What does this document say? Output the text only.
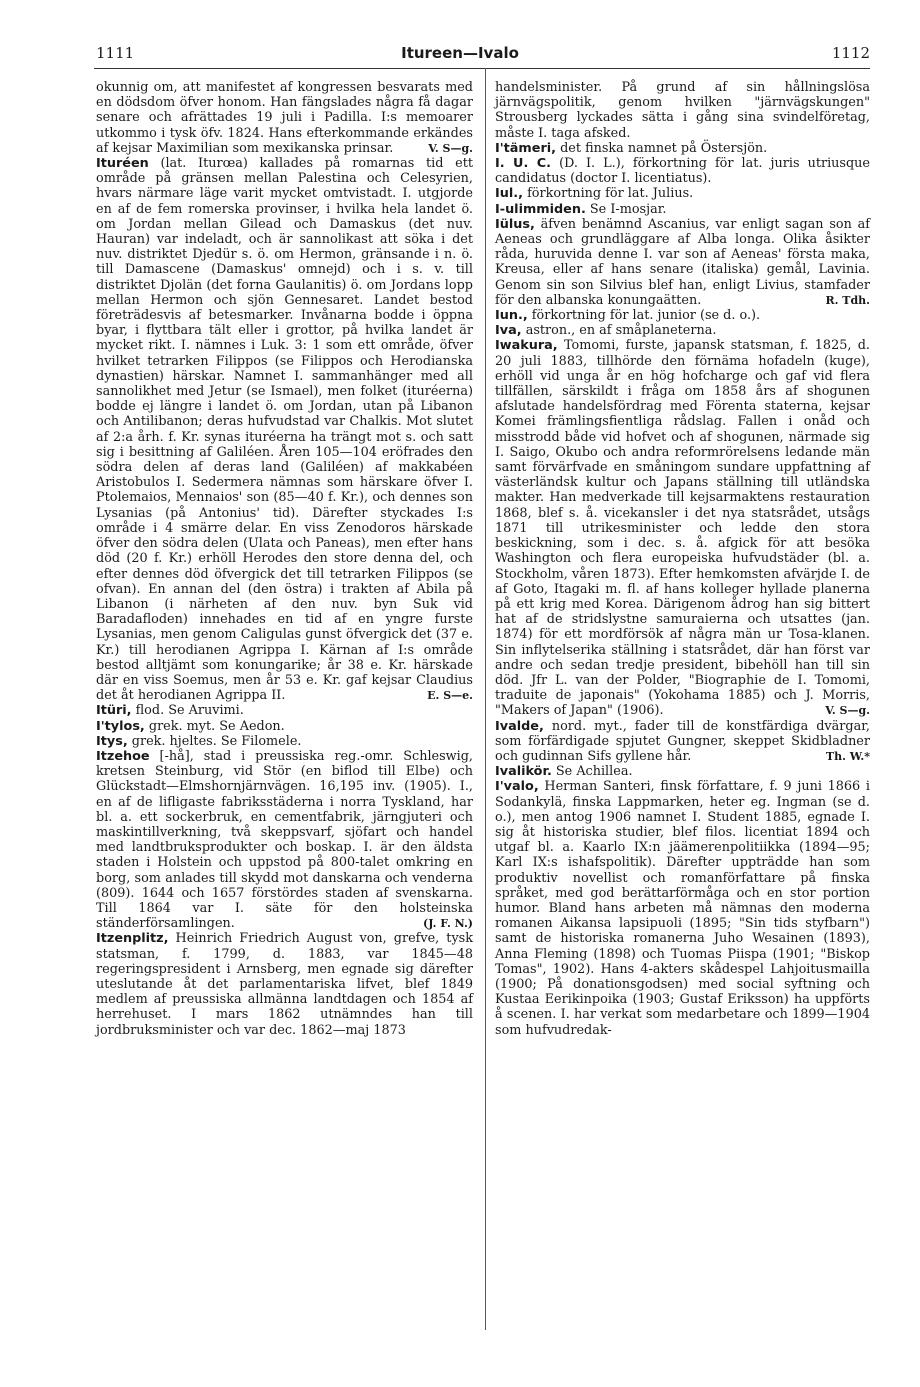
1111	Itureen—Ivalo	1112

okunnig om, att manifestet af kongressen besvarats med en dödsdom öfver honom. Han fängslades några få dagar senare och afrättades 19 juli i Padilla. I:s memoarer utkommo i tysk öfv. 1824. Hans efterkommande erkändes af kejsar Maximilian som mexikanska prinsar.	V. S—g.

Ituréen (lat. Iturœa) kallades på romarnas tid ett område på gränsen mellan Palestina och Celesyrien, hvars närmare läge varit mycket omtvistadt. I. utgjorde en af de fem romerska provinser, i hvilka hela landet ö. om Jordan mellan Gilead och Damaskus (det nuv. Hauran) var indeladt, och är sannolikast att söka i det nuv. distriktet Djedür s. ö. om Hermon, gränsande i n. ö. till Damascene (Damaskus' omnejd) och i s. v. till distriktet Djolän (det forna Gaulanitis) ö. om Jordans lopp mellan Hermon och sjön Gennesaret. Landet bestod företrädesvis af betesmarker. Invånarna bodde i öppna byar, i flyttbara tält eller i grottor, på hvilka landet är mycket rikt. I. nämnes i Luk. 3: 1 som ett område, öfver hvilket tetrarken Filippos (se Filippos och Herodianska dynastien) härskar. Namnet I. sammanhänger med all sannolikhet med Jetur (se Ismael), men folket (ituréerna) bodde ej längre i landet ö. om Jordan, utan på Libanon och Antilibanon; deras hufvudstad var Chalkis. Mot slutet af 2:a årh. f. Kr. synas ituréerna ha trängt mot s. och satt sig i besittning af Galiléen. Åren 105—104 eröfrades den södra delen af deras land (Galiléen) af makkabéen Aristobulos I. Sedermera nämnas som härskare öfver I. Ptolemaios, Mennaios' son (85—40 f. Kr.), och dennes son Lysanias (på Antonius' tid). Därefter styckades I:s område i 4 smärre delar. En viss Zenodoros härskade öfver den södra delen (Ulata och Paneas), men efter hans död (20 f. Kr.) erhöll Herodes den store denna del, och efter dennes död öfvergick det till tetrarken Filippos (se ofvan). En annan del (den östra) i trakten af Abila på Libanon (i närheten af den nuv. byn Suk vid Baradafloden) innehades en tid af en yngre furste Lysanias, men genom Caligulas gunst öfvergick det (37 e. Kr.) till herodianen Agrippa I. Kärnan af I:s område bestod alltjämt som konungarike; år 38 e. Kr. härskade där en viss Soemus, men år 53 e. Kr. gaf kejsar Claudius det åt herodianen Agrippa II.	E. S—e.

Itüri, flod. Se Aruvimi.

I'tylos, grek. myt. Se Aedon.

Itys, grek. hjeltes. Se Filomele.

Itzehoe [-hå], stad i preussiska reg.-omr. Schleswig, kretsen Steinburg, vid Stör (en biflod till Elbe) och Glückstadt—Elmshornjärnvägen. 16,195 inv. (1905). I., en af de lifligaste fabriksstäderna i norra Tyskland, har bl. a. ett sockerbruk, en cementfabrik, järngjuteri och maskintillverkning, två skeppsvarf, sjöfart och handel med landtbruksprodukter och boskap. I. är den äldsta staden i Holstein och uppstod på 800-talet omkring en borg, som anlades till skydd mot danskarna och venderna (809). 1644 och 1657 förstördes staden af svenskarna. Till 1864 var I. säte för den holsteinska ständerförsamlingen.	(J. F. N.)

Itzenplitz, Heinrich Friedrich August von, grefve, tysk statsman, f. 1799, d. 1883, var 1845—48 regeringspresident i Arnsberg, men egnade sig därefter uteslutande åt det parlamentariska lifvet, blef 1849 medlem af preussiska allmänna landtdagen och 1854 af herrehuset. I mars 1862 utnämndes han till jordbruksminister och var dec. 1862—maj 1873

handelsminister. På grund af sin hållningslösa järnvägspolitik, genom hvilken "järnvägskungen" Strousberg lyckades sätta i gång sina svindelföretag, måste I. taga afsked.

I'tämeri, det finska namnet på Östersjön.

I. U. C. (D. I. L.), förkortning för lat. juris utriusque candidatus (doctor I. licentiatus).

Iul., förkortning för lat. Julius.

I-ulimmiden. Se I-mosjar.

Iülus, äfven benämnd Ascanius, var enligt sagan son af Aeneas och grundläggare af Alba longa. Olika åsikter råda, huruvida denne I. var son af Aeneas' första maka, Kreusa, eller af hans senare (italiska) gemål, Lavinia. Genom sin son Silvius blef han, enligt Livius, stamfader för den albanska konungaätten.	R. Tdh.

Iun., förkortning för lat. junior (se d. o.).

Iva, astron., en af småplaneterna.

Iwakura, Tomomi, furste, japansk statsman, f. 1825, d. 20 juli 1883, tillhörde den förnäma hofadeln (kuge), erhöll vid unga år en hög hofcharge och gaf vid flera tillfällen, särskildt i fråga om 1858 års af shogunen afslutade handelsfördrag med Förenta staterna, kejsar Komei främlingsfientliga rådslag. Fallen i onåd och misstrodd både vid hofvet och af shogunen, närmade sig I. Saigo, Okubo och andra reformrörelsens ledande män samt förvärfvade en småningom sundare uppfattning af västerländsk kultur och Japans ställning till utländska makter. Han medverkade till kejsarmaktens restauration 1868, blef s. å. vicekansler i det nya statsrådet, utsågs 1871 till utrikesminister och ledde den stora beskickning, som i dec. s. å. afgick för att besöka Washington och flera europeiska hufvudstäder (bl. a. Stockholm, våren 1873). Efter hemkomsten afvärjde I. de af Goto, Itagaki m. fl. af hans kolleger hyllade planerna på ett krig med Korea. Därigenom ådrog han sig bittert hat af de stridslystne samuraierna och utsattes (jan. 1874) för ett mordförsök af några män ur Tosa-klanen. Sin inflytelserika ställning i statsrådet, där han först var andre och sedan tredje president, bibehöll han till sin död. Jfr L. van der Polder, "Biographie de I. Tomomi, traduite de japonais" (Yokohama 1885) och J. Morris, "Makers of Japan" (1906).	V. S—g.

Ivalde, nord. myt., fader till de konstfärdiga dvärgar, som förfärdigade spjutet Gungner, skeppet Skidbladner och gudinnan Sifs gyllene hår.	Th. W.*

Ivalikör. Se Achillea.

I'valo, Herman Santeri, finsk författare, f. 9 juni 1866 i Sodankylä, finska Lappmarken, heter eg. Ingman (se d. o.), men antog 1906 namnet I. Student 1885, egnade I. sig åt historiska studier, blef filos. licentiat 1894 och utgaf bl. a. Kaarlo IX:n jäämerenpolitiikka (1894—95; Karl IX:s ishafspolitik). Därefter uppträdde han som produktiv novellist och romanförfattare på finska språket, med god berättarförmåga och en stor portion humor. Bland hans arbeten må nämnas den moderna romanen Aikansa lapsipuoli (1895; "Sin tids styfbarn") samt de historiska romanerna Juho Wesainen (1893), Anna Fleming (1898) och Tuomas Piispa (1901; "Biskop Tomas", 1902). Hans 4-akters skådespel Lahjoitusmailla (1900; På donationsgodsen) med social syftning och Kustaa Eerikinpoika (1903; Gustaf Eriksson) ha uppförts å scenen. I. har verkat som medarbetare och 1899—1904 som hufvudredak-
